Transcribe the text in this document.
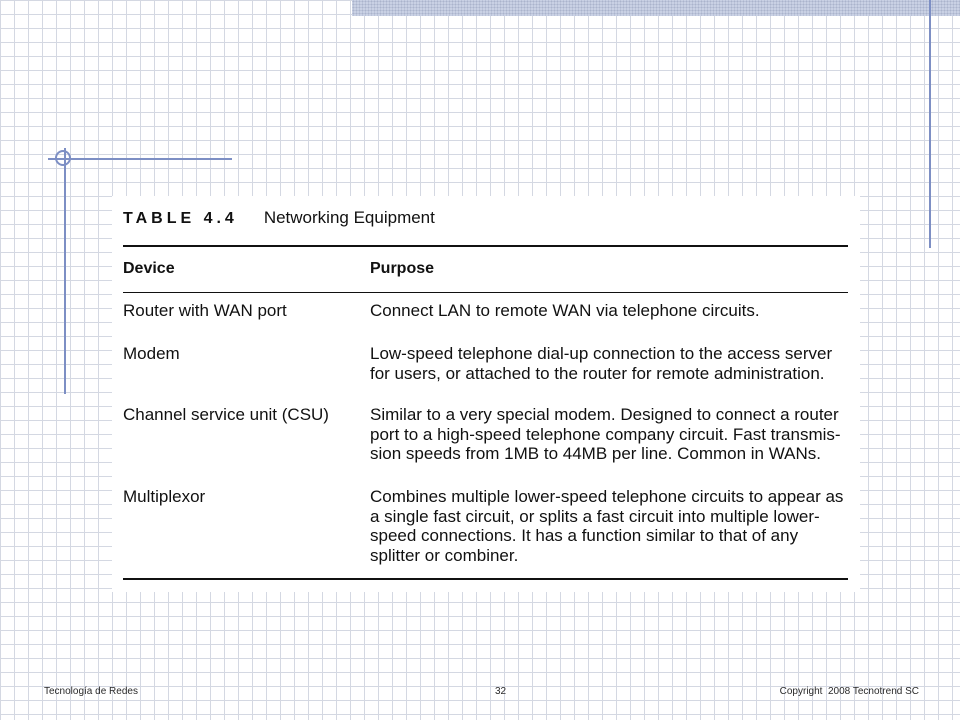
TABLE 4.4 Networking Equipment
Device	Purpose
Router with WAN port	Connect LAN to remote WAN via telephone circuits.
Modem	Low-speed telephone dial-up connection to the access server for users, or attached to the router for remote administration.
Channel service unit (CSU)	Similar to a very special modem. Designed to connect a router port to a high-speed telephone company circuit. Fast transmis-sion speeds from 1MB to 44MB per line. Common in WANs.
Multiplexor	Combines multiple lower-speed telephone circuits to appear as a single fast circuit, or splits a fast circuit into multiple lower-speed connections. It has a function similar to that of any splitter or combiner.
Tecnología de Redes	32	Copyright  2008 Tecnotrend SC
